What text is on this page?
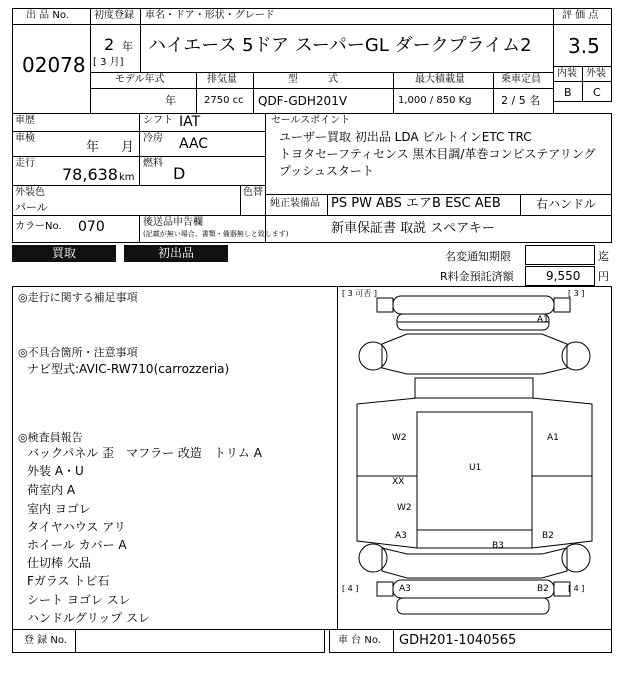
出 品 No.
02078
初度登録
2 年
[ 3 月]
車名・ドア・形状・グレード
ハイエース 5ドア スーパーGL ダークプライム2
評 価 点
3.5
内装 外装
B C
モデル年式	排気量	型　　　式	最大積載量	乗車定員
年	2750 cc QDF-GDH201V	1,000 / 850 Kg	2 / 5 名
車歴
車検
年 月
走行
78,638 km
シフト IAT
冷房 AAC
燃料
D
外装色
パール
色替
カラーNo. 070	後送品申告欄
(記載が無い場合、書類・備器無しと致します)
セールスポイント
ユーザー買取 初出品 LDA ビルトインETC TRC
トヨタセーフティセンス 黒木目調/革巻コンビステアリング
プッシュスタート
純正装備品 PS PW ABS エアB ESC AEB	右ハンドル
新車保証書 取説 スペアキー
買取	初出品	名変通知期限	迄
R料金預託済額	9,550 円
◎走行に関する補足事項
◎不具合箇所・注意事項
ナビ型式:AVIC-RW710(carrozzeria)
◎検査員報告
バックパネル 歪　マフラー 改造　トリム A
外装 A・U
荷室内 A
室内 ヨゴレ
タイヤハウス アリ
ホイール カバー A
仕切棒 欠品
Fガラス トビ石
シート ヨゴレ スレ
ハンドルグリップ スレ
[ 3 可否 ]	[ 3 ]
[ 4 ]	[ 4 ]
A1
W2	A1
U1
XX
W2
A3	B2
B3
A3	B2
登 録 No.	車 台 No. GDH201-1040565
